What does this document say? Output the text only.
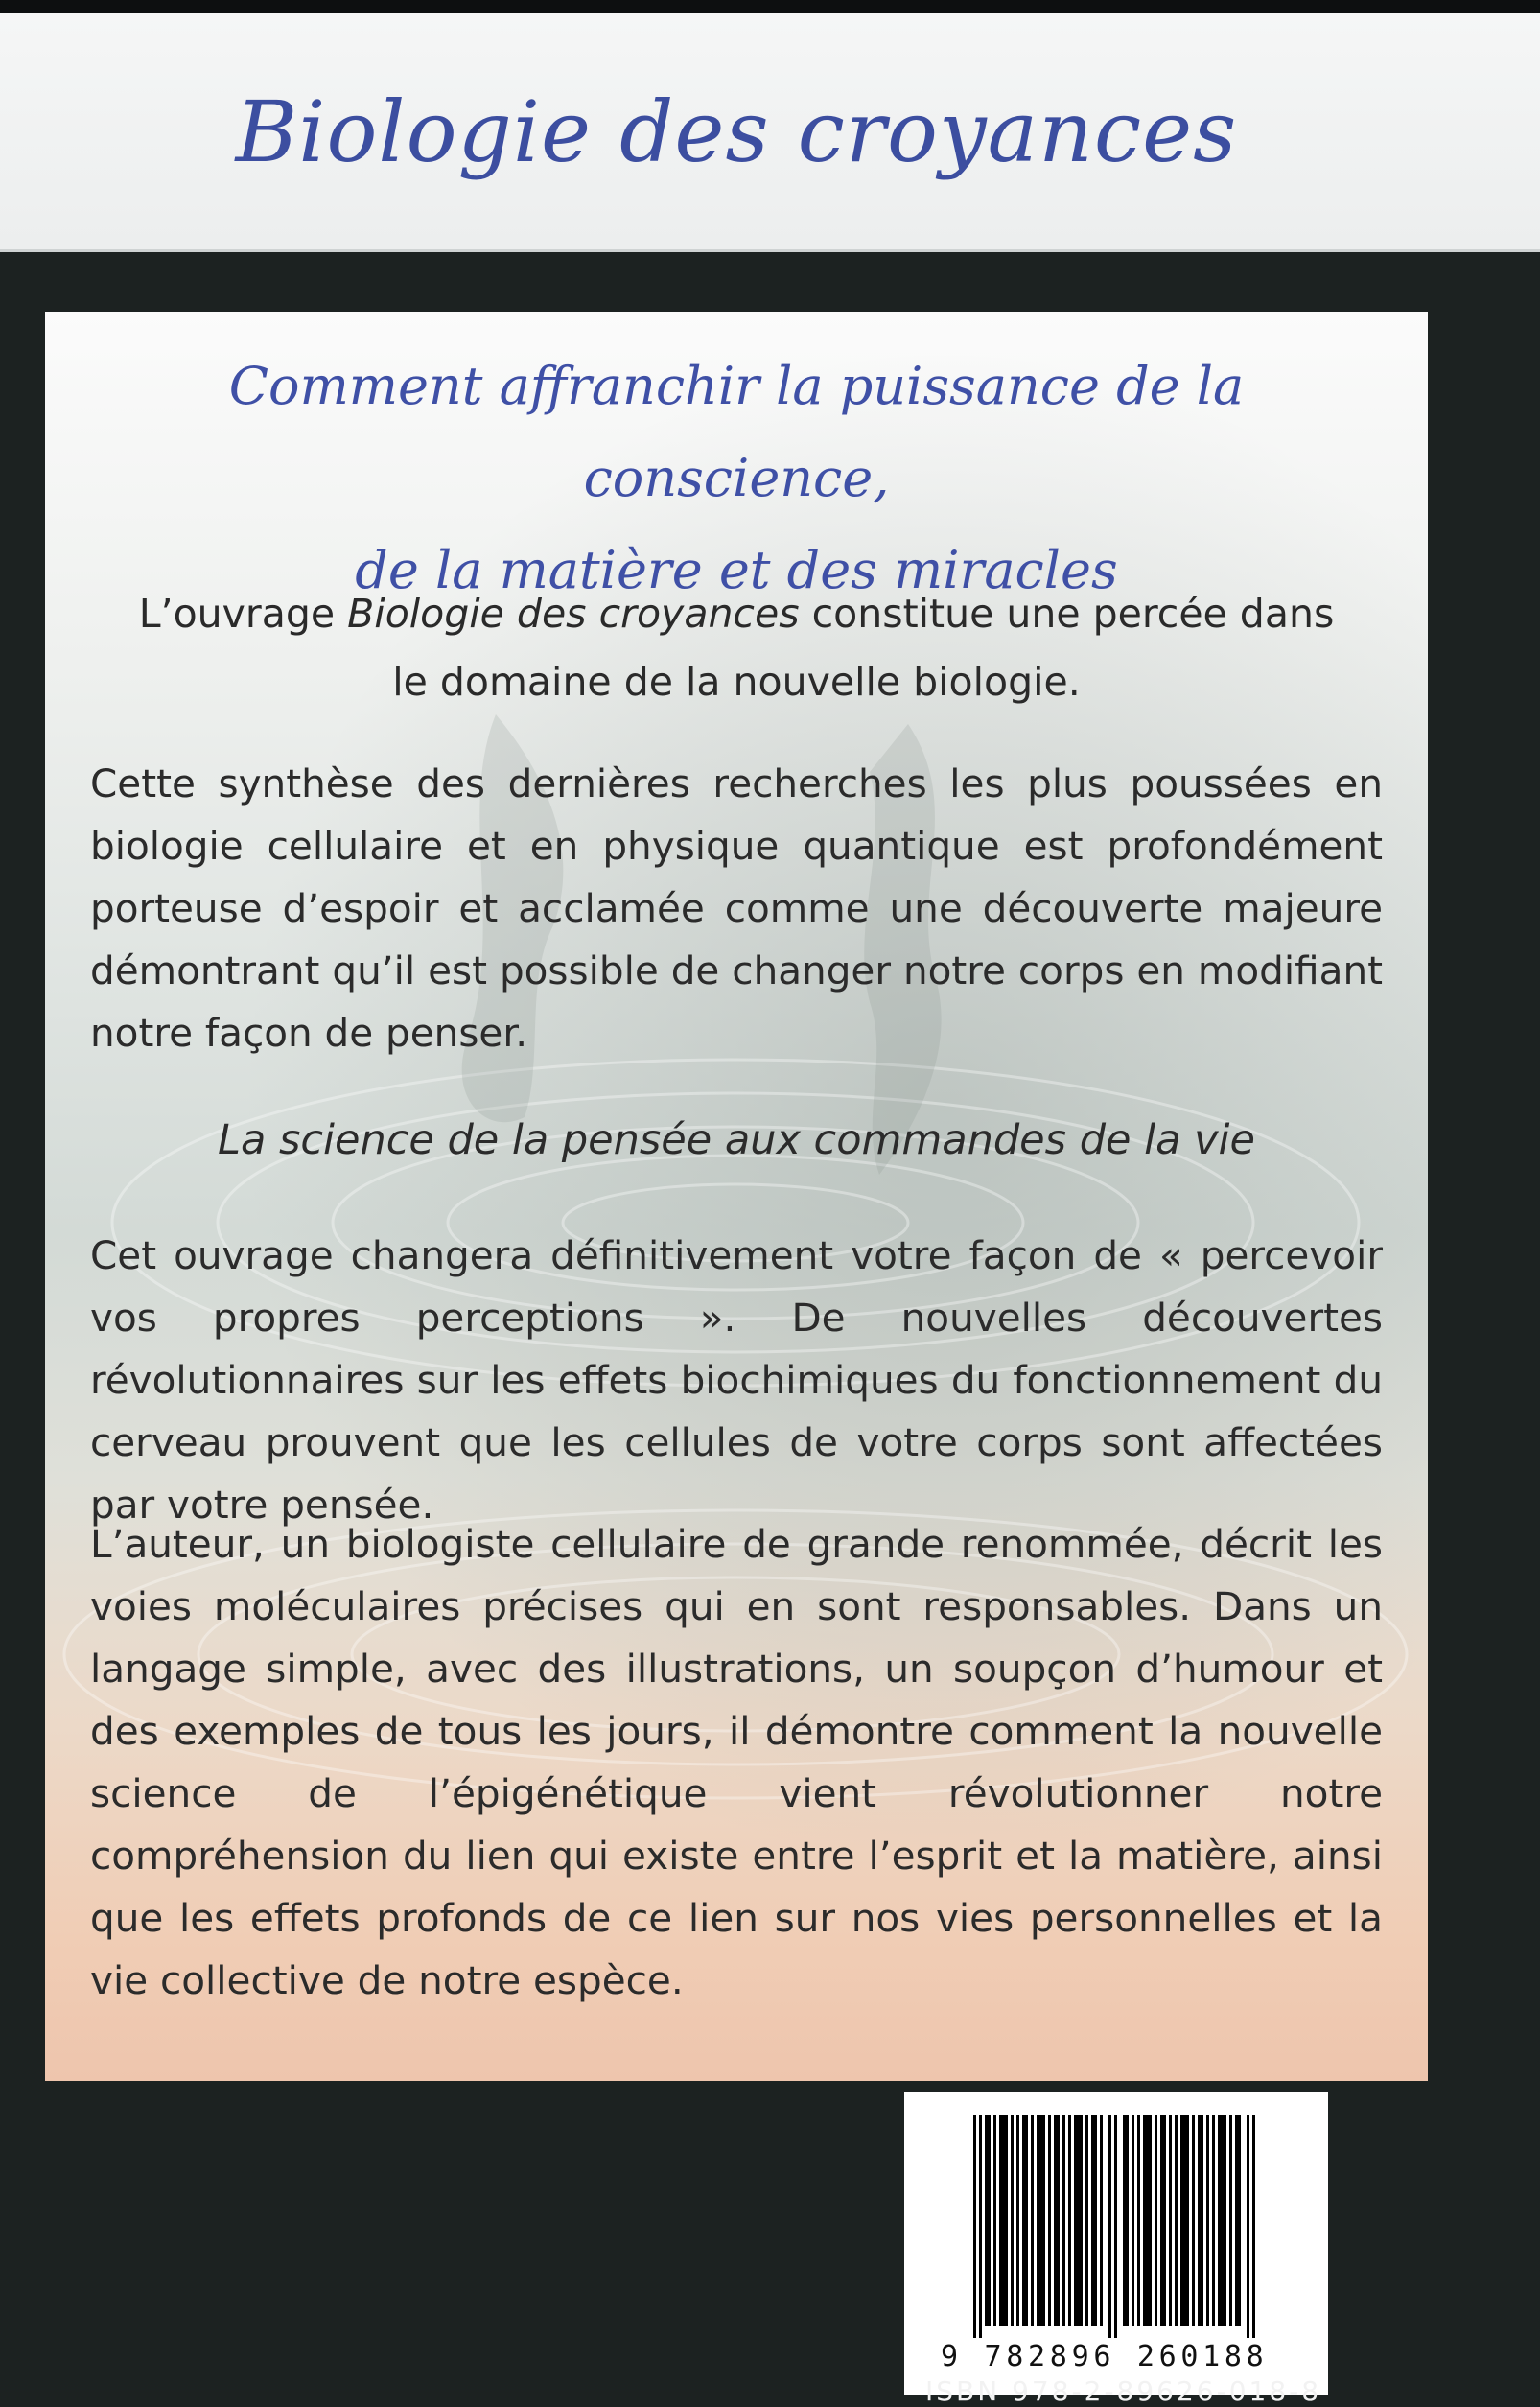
Biologie des croyances
Comment affranchir la puissance de la conscience,
de la matière et des miracles
L’ouvrage Biologie des croyances constitue une percée dans le domaine de la nouvelle biologie.
Cette synthèse des dernières recherches les plus poussées en biologie cellulaire et en physique quantique est profondément porteuse d’espoir et acclamée comme une découverte majeure démontrant qu’il est possible de changer notre corps en modifiant notre façon de penser.
La science de la pensée aux commandes de la vie
Cet ouvrage changera définitivement votre façon de « percevoir vos propres perceptions ». De nouvelles découvertes révolutionnaires sur les effets biochimiques du fonctionnement du cerveau prouvent que les cellules de votre corps sont affectées par votre pensée.
L’auteur, un biologiste cellulaire de grande renommée, décrit les voies moléculaires précises qui en sont responsables. Dans un langage simple, avec des illustrations, un soupçon d’humour et des exemples de tous les jours, il démontre comment la nouvelle science de l’épigénétique vient révolutionner notre compréhension du lien qui existe entre l’esprit et la matière, ainsi que les effets profonds de ce lien sur nos vies personnelles et la vie collective de notre espèce.
9 782896 260188
ISBN 978-2-89626-018-8
